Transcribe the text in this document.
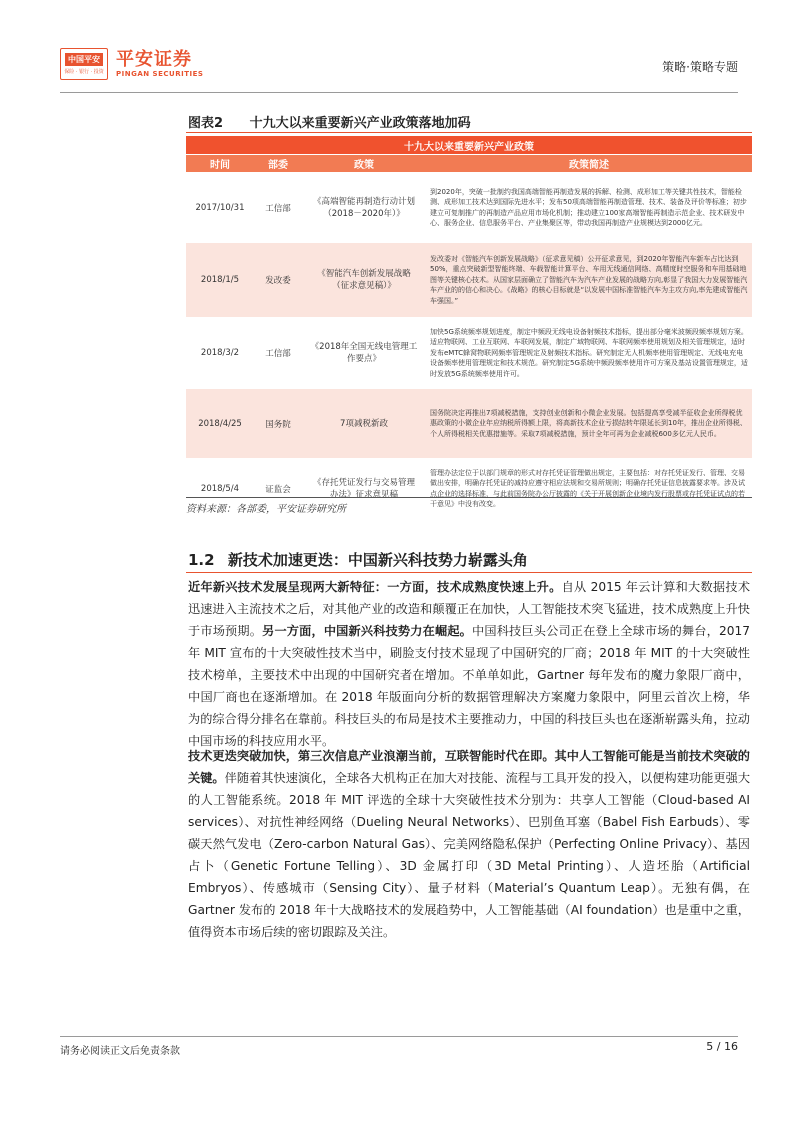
中国平安
保险 · 银行 · 投资
平安证券
PINGAN SECURITIES	策略·策略专题
图表2 十九大以来重要新兴产业政策落地加码
十九大以来重要新兴产业政策			
时间	部委	政策	政策简述
2017/10/31	工信部	《高端智能再制造行动计划（2018－2020年）》	到2020年，突破一批制约我国高端智能再制造发展的拆解、检测、成形加工等关键共性技术，智能检测、成形加工技术达到国际先进水平；发布50项高端智能再制造管理、技术、装备及评价等标准；初步建立可复制推广的再制造产品应用市场化机制；推动建立100家高端智能再制造示范企业、技术研发中心、服务企业、信息服务平台、产业集聚区等，带动我国再制造产业规模达到2000亿元。
2018/1/5	发改委	《智能汽车创新发展战略（征求意见稿）》	发改委对《智能汽车创新发展战略》（征求意见稿）公开征求意见，到2020年智能汽车新车占比达到50%，重点突破新型智能终端、车载智能计算平台、车用无线通信网络、高精度时空服务和车用基础地图等关键核心技术。从国家层面确立了智能汽车为汽车产业发展的战略方向,彰显了我国大力发展智能汽车产业的的信心和决心。《战略》的核心目标就是“以发展中国标准智能汽车为主攻方向,率先建成智能汽车强国。”
2018/3/2	工信部	《2018年全国无线电管理工作要点》	加快5G系统频率规划进度，制定中频段无线电设备射频技术指标，提出部分毫米波频段频率规划方案。适应物联网、工业互联网、车联网发展，制定广域物联网、车联网频率使用规划及相关管理规定，适时发布eMTC蜂窝物联网频率管理规定及射频技术指标。研究制定无人机频率使用管理规定、无线电充电设备频率使用管理规定和技术规范。研究制定5G系统中频段频率使用许可方案及基站设置管理规定，适时发放5G系统频率使用许可。
2018/4/25	国务院	7项减税新政	国务院决定再推出7项减税措施，支持创业创新和小微企业发展。包括提高享受减半征收企业所得税优惠政策的小微企业年应纳税所得额上限，将高新技术企业亏损结转年限延长到10年，推出企业所得税、个人所得税相关优惠措施等。采取7项减税措施，预计全年可再为企业减税600多亿元人民币。
2018/5/4	证监会	《存托凭证发行与交易管理办法》征求意见稿	管理办法定位于以部门规章的形式对存托凭证管理做出规定，主要包括：对存托凭证发行、管理、交易做出安排，明确存托凭证的减持应遵守相应法规和交易所规则；明确存托凭证信息披露要求等。涉及试点企业的选择标准，与此前国务院办公厅披露的《关于开展创新企业境内发行股票或存托凭证试点的若干意见》中没有改变。
资料来源：各部委，平安证券研究所
1.2 新技术加速更迭：中国新兴科技势力崭露头角

近年新兴技术发展呈现两大新特征：一方面，技术成熟度快速上升。自从 2015 年云计算和大数据技术迅速进入主流技术之后，对其他产业的改造和颠覆正在加快，人工智能技术突飞猛进，技术成熟度上升快于市场预期。另一方面，中国新兴科技势力在崛起。中国科技巨头公司正在登上全球市场的舞台，2017 年 MIT 宣布的十大突破性技术当中，刷脸支付技术显现了中国研究的厂商；2018 年 MIT 的十大突破性技术榜单，主要技术中出现的中国研究者在增加。不单单如此，Gartner 每年发布的魔力象限厂商中，中国厂商也在逐渐增加。在 2018 年版面向分析的数据管理解决方案魔力象限中，阿里云首次上榜，华为的综合得分排名在靠前。科技巨头的布局是技术主要推动力，中国的科技巨头也在逐渐崭露头角，拉动中国市场的科技应用水平。

技术更迭突破加快，第三次信息产业浪潮当前，互联智能时代在即。其中人工智能可能是当前技术突破的关键。伴随着其快速演化，全球各大机构正在加大对技能、流程与工具开发的投入，以便构建功能更强大的人工智能系统。2018 年 MIT 评选的全球十大突破性技术分别为：共享人工智能（Cloud-based AI services）、对抗性神经网络（Dueling Neural Networks）、巴别鱼耳塞（Babel Fish Earbuds）、零碳天然气发电（Zero-carbon Natural Gas）、完美网络隐私保护（Perfecting Online Privacy）、基因占卜（Genetic Fortune Telling）、3D 金属打印（3D Metal Printing）、人造坯胎（Artificial Embryos）、传感城市（Sensing City）、量子材料（Material’s Quantum Leap）。无独有偶，在 Gartner 发布的 2018 年十大战略技术的发展趋势中，人工智能基础（AI foundation）也是重中之重，值得资本市场后续的密切跟踪及关注。

请务必阅读正文后免责条款	5 / 16
